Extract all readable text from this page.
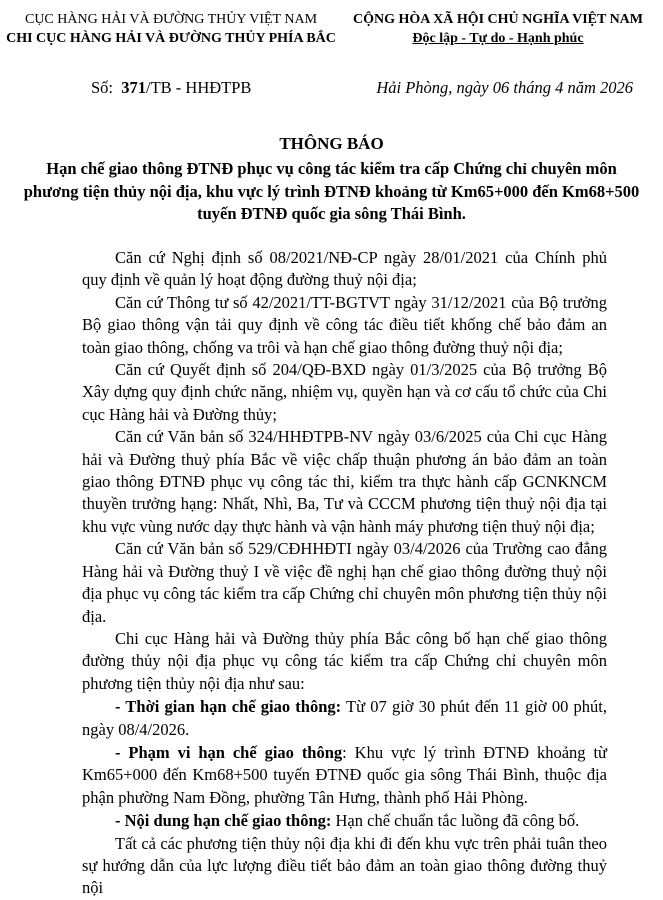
CỤC HÀNG HẢI VÀ ĐƯỜNG THỦY VIỆT NAM
CHI CỤC HÀNG HẢI VÀ ĐƯỜNG THỦY PHÍA BẮC
CỘNG HÒA XÃ HỘI CHỦ NGHĨA VIỆT NAM
Độc lập - Tự do - Hạnh phúc
Số: 371/TB - HHĐTPB	Hải Phòng, ngày 06 tháng 4 năm 2026
THÔNG BÁO
Hạn chế giao thông ĐTNĐ phục vụ công tác kiểm tra cấp Chứng chỉ chuyên môn phương tiện thủy nội địa, khu vực lý trình ĐTNĐ khoảng từ Km65+000 đến Km68+500 tuyến ĐTNĐ quốc gia sông Thái Bình.

Căn cứ Nghị định số 08/2021/NĐ-CP ngày 28/01/2021 của Chính phủ quy định về quản lý hoạt động đường thuỷ nội địa;

Căn cứ Thông tư số 42/2021/TT-BGTVT ngày 31/12/2021 của Bộ trưởng Bộ giao thông vận tải quy định về công tác điều tiết khống chế bảo đảm an toàn giao thông, chống va trôi và hạn chế giao thông đường thuỷ nội địa;

Căn cứ Quyết định số 204/QĐ-BXD ngày 01/3/2025 của Bộ trưởng Bộ Xây dựng quy định chức năng, nhiệm vụ, quyền hạn và cơ cấu tổ chức của Chi cục Hàng hải và Đường thủy;

Căn cứ Văn bản số 324/HHĐTPB-NV ngày 03/6/2025 của Chi cục Hàng hải và Đường thuỷ phía Bắc về việc chấp thuận phương án bảo đảm an toàn giao thông ĐTNĐ phục vụ công tác thi, kiểm tra thực hành cấp GCNKNCM thuyền trưởng hạng: Nhất, Nhì, Ba, Tư và CCCM phương tiện thuỷ nội địa tại khu vực vùng nước dạy thực hành và vận hành máy phương tiện thuỷ nội địa;

Căn cứ Văn bản số 529/CĐHHĐTI ngày 03/4/2026 của Trường cao đẳng Hàng hải và Đường thuỷ I về việc đề nghị hạn chế giao thông đường thuỷ nội địa phục vụ công tác kiểm tra cấp Chứng chỉ chuyên môn phương tiện thủy nội địa.

Chi cục Hàng hải và Đường thủy phía Bắc công bố hạn chế giao thông đường thủy nội địa phục vụ công tác kiểm tra cấp Chứng chỉ chuyên môn phương tiện thủy nội địa như sau:

- Thời gian hạn chế giao thông: Từ 07 giờ 30 phút đến 11 giờ 00 phút, ngày 08/4/2026.

- Phạm vi hạn chế giao thông: Khu vực lý trình ĐTNĐ khoảng từ Km65+000 đến Km68+500 tuyến ĐTNĐ quốc gia sông Thái Bình, thuộc địa phận phường Nam Đồng, phường Tân Hưng, thành phố Hải Phòng.

- Nội dung hạn chế giao thông: Hạn chế chuẩn tắc luồng đã công bố.

Tất cả các phương tiện thủy nội địa khi đi đến khu vực trên phải tuân theo sự hướng dẫn của lực lượng điều tiết bảo đảm an toàn giao thông đường thuỷ nội
